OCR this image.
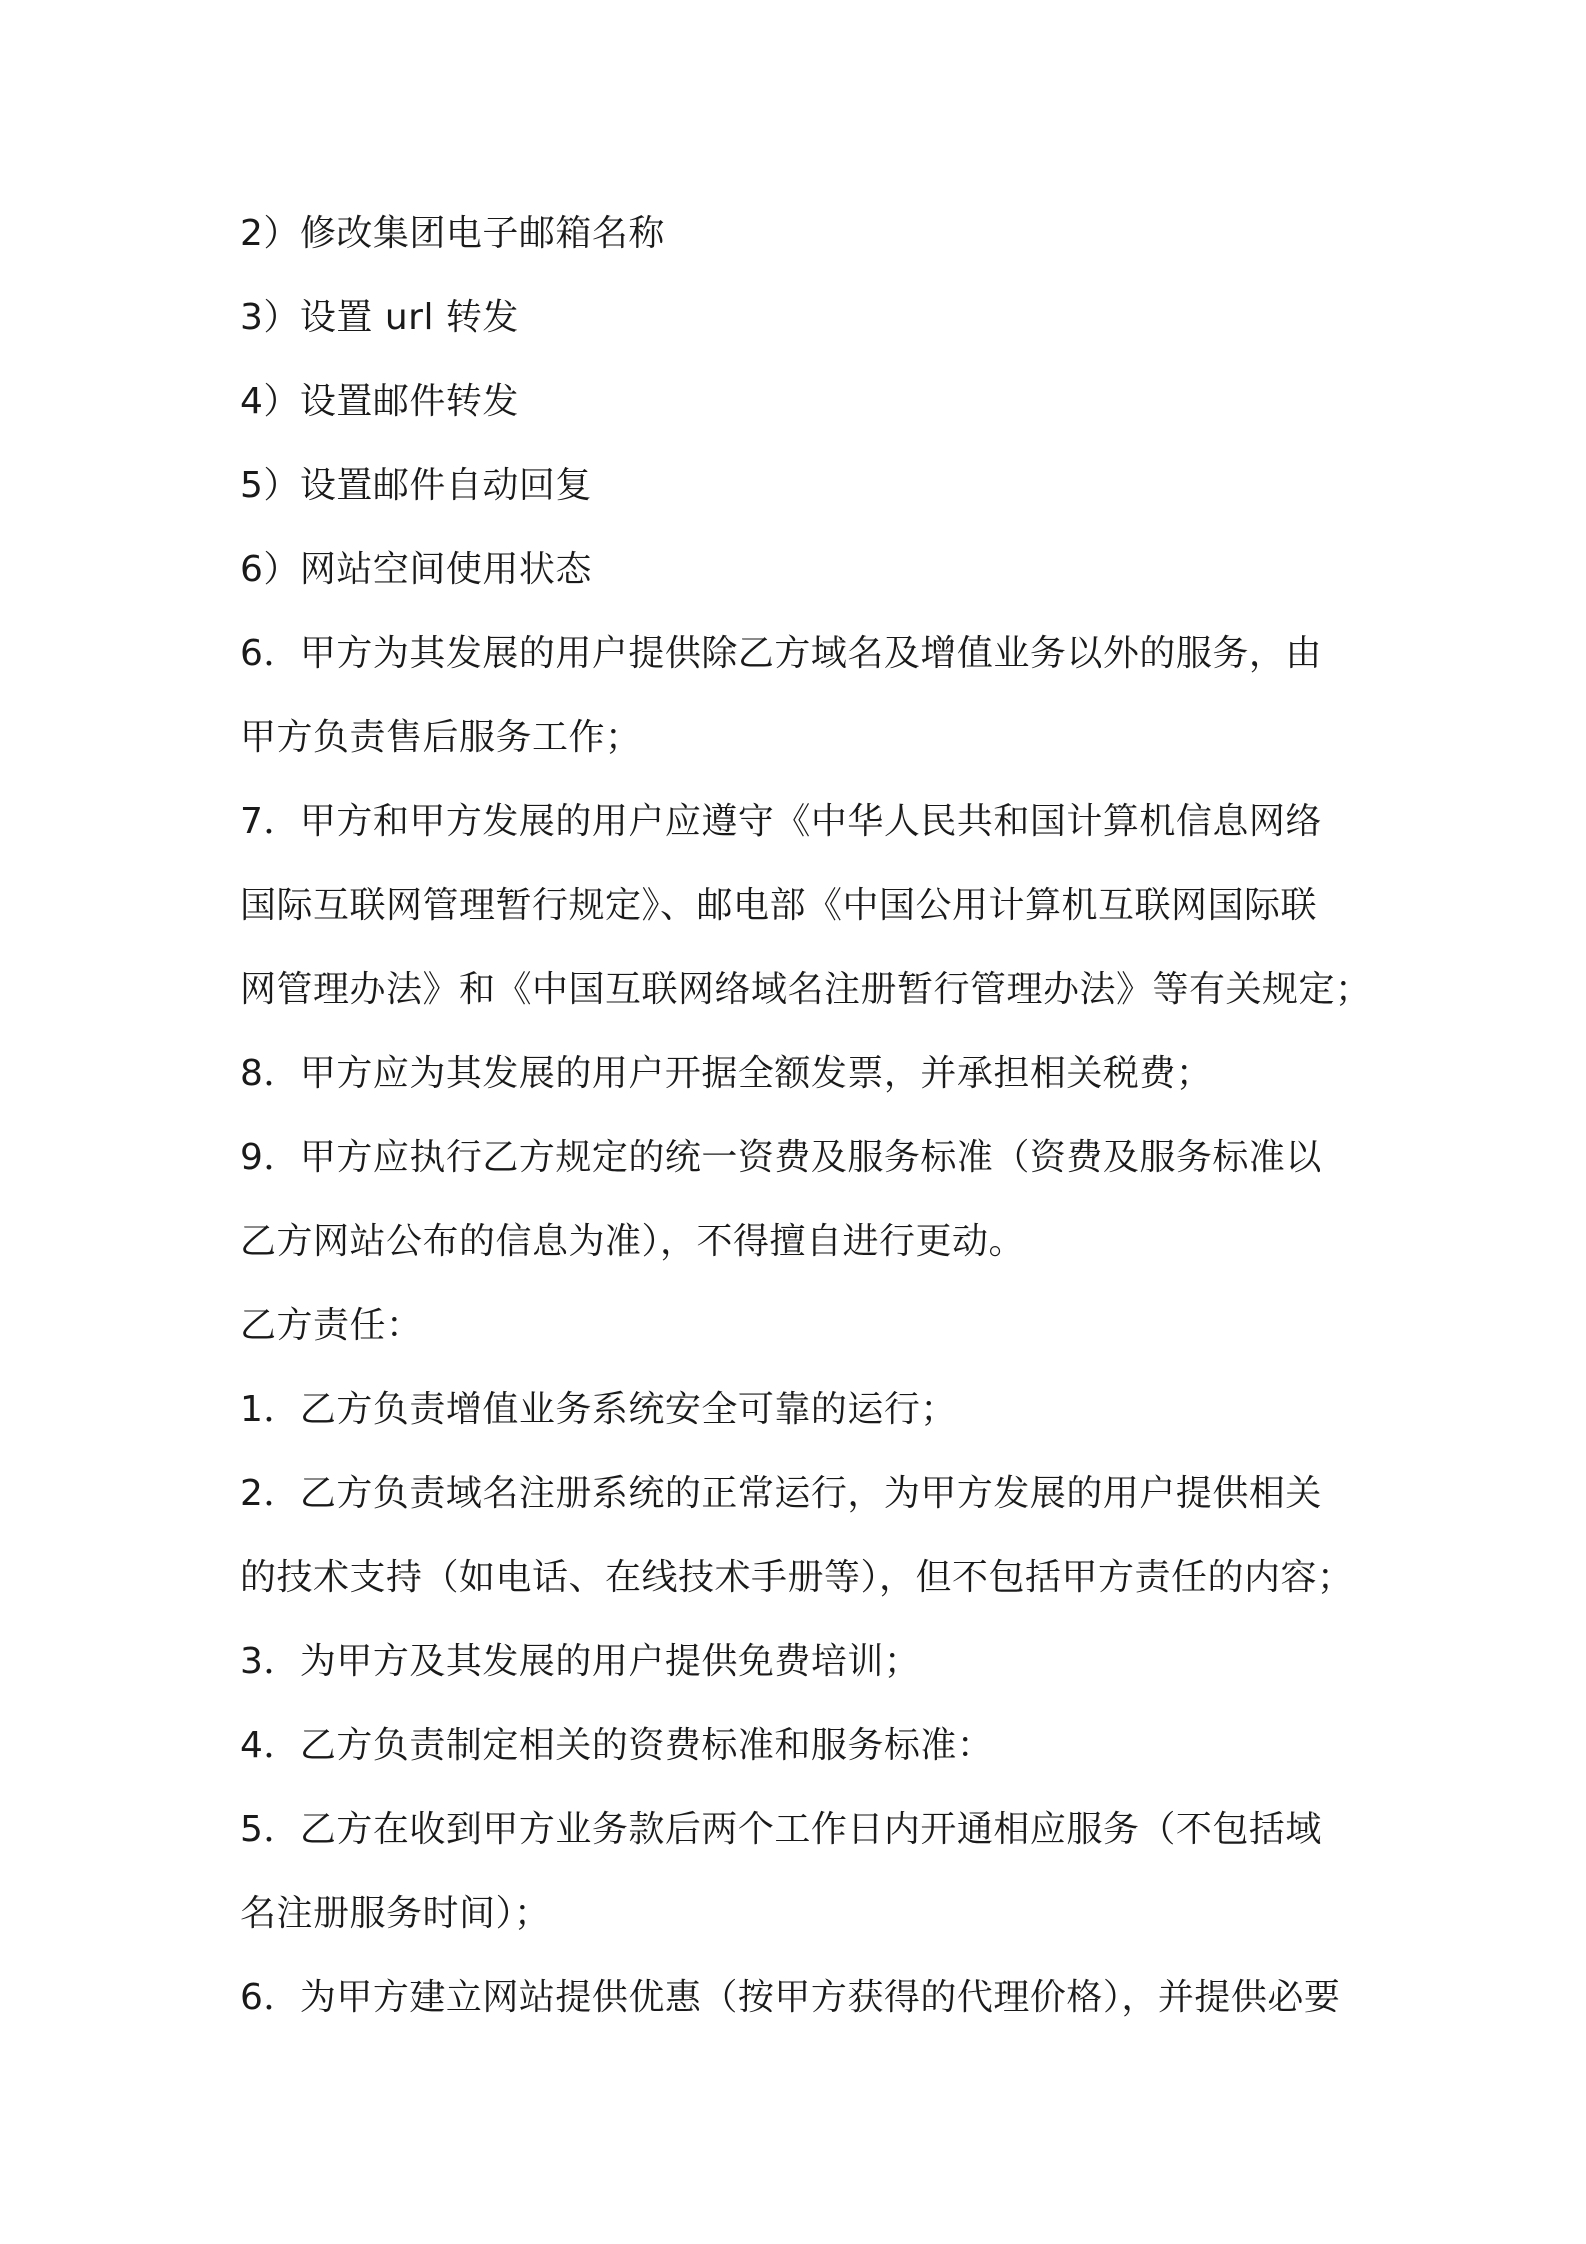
2）修改集团电子邮箱名称
3）设置 url 转发
4）设置邮件转发
5）设置邮件自动回复
6）网站空间使用状态
6．甲方为其发展的用户提供除乙方域名及增值业务以外的服务，由
甲方负责售后服务工作；
7．甲方和甲方发展的用户应遵守《中华人民共和国计算机信息网络
国际互联网管理暂行规定》、邮电部《中国公用计算机互联网国际联
网管理办法》和《中国互联网络域名注册暂行管理办法》等有关规定；
8．甲方应为其发展的用户开据全额发票，并承担相关税费；
9．甲方应执行乙方规定的统一资费及服务标准（资费及服务标准以
乙方网站公布的信息为准），不得擅自进行更动。
乙方责任：
1．乙方负责增值业务系统安全可靠的运行；
2．乙方负责域名注册系统的正常运行，为甲方发展的用户提供相关
的技术支持（如电话、在线技术手册等），但不包括甲方责任的内容；
3．为甲方及其发展的用户提供免费培训；
4．乙方负责制定相关的资费标准和服务标准：
5．乙方在收到甲方业务款后两个工作日内开通相应服务（不包括域
名注册服务时间）；
6．为甲方建立网站提供优惠（按甲方获得的代理价格），并提供必要
